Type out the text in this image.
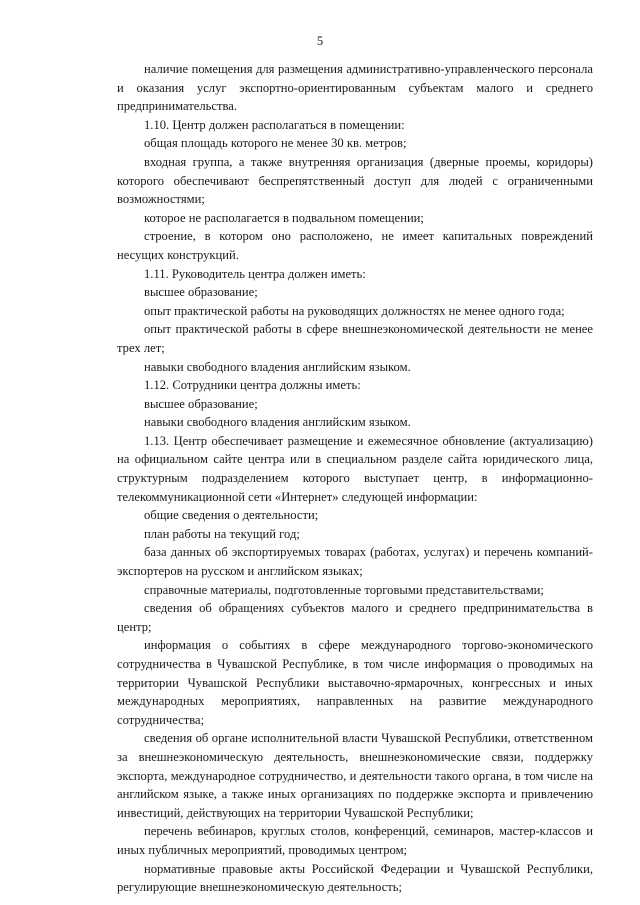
5

наличие помещения для размещения административно-управленческого персонала и оказания услуг экспортно-ориентированным субъектам малого и среднего предпринимательства.

1.10. Центр должен располагаться в помещении:

общая площадь которого не менее 30 кв. метров;

входная группа, а также внутренняя организация (дверные проемы, коридоры) которого обеспечивают беспрепятственный доступ для людей с ограниченными возможностями;

которое не располагается в подвальном помещении;

строение, в котором оно расположено, не имеет капитальных повреждений несущих конструкций.

1.11. Руководитель центра должен иметь:

высшее образование;

опыт практической работы на руководящих должностях не менее одного года;

опыт практической работы в сфере внешнеэкономической деятельности не менее трех лет;

навыки свободного владения английским языком.

1.12. Сотрудники центра должны иметь:

высшее образование;

навыки свободного владения английским языком.

1.13. Центр обеспечивает размещение и ежемесячное обновление (актуализацию) на официальном сайте центра или в специальном разделе сайта юридического лица, структурным подразделением которого выступает центр, в информационно-телекоммуникационной сети «Интернет» следующей информации:

общие сведения о деятельности;

план работы на текущий год;

база данных об экспортируемых товарах (работах, услугах) и перечень компаний-экспортеров на русском и английском языках;

справочные материалы, подготовленные торговыми представительствами;

сведения об обращениях субъектов малого и среднего предпринимательства в центр;

информация о событиях в сфере международного торгово-экономического сотрудничества в Чувашской Республике, в том числе информация о проводимых на территории Чувашской Республики выставочно-ярмарочных, конгрессных и иных международных мероприятиях, направленных на развитие международного сотрудничества;

сведения об органе исполнительной власти Чувашской Республики, ответственном за внешнеэкономическую деятельность, внешнеэкономические связи, поддержку экспорта, международное сотрудничество, и деятельности такого органа, в том числе на английском языке, а также иных организациях по поддержке экспорта и привлечению инвестиций, действующих на территории Чувашской Республики;

перечень вебинаров, круглых столов, конференций, семинаров, мастер-классов и иных публичных мероприятий, проводимых центром;

нормативные правовые акты Российской Федерации и Чувашской Республики, регулирующие внешнеэкономическую деятельность;
